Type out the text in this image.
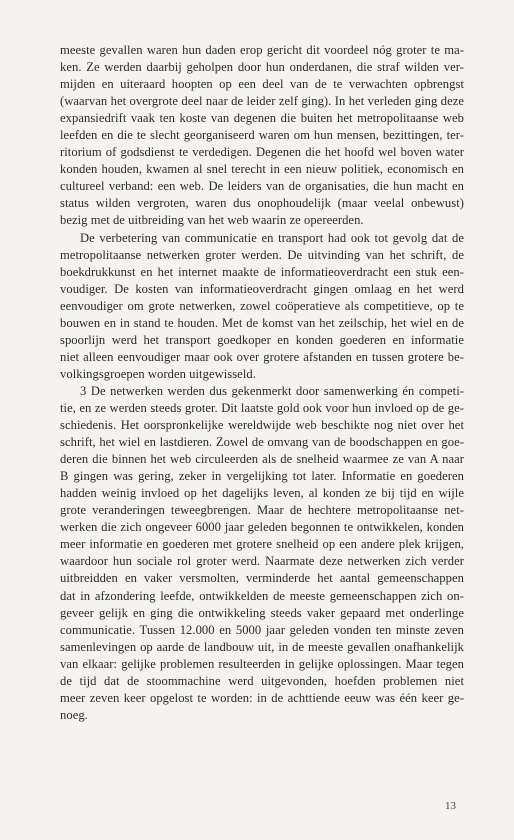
meeste gevallen waren hun daden erop gericht dit voordeel nóg groter te ma-
ken. Ze werden daarbij geholpen door hun onderdanen, die straf wilden ver-
mijden en uiteraard hoopten op een deel van de te verwachten opbrengst
(waarvan het overgrote deel naar de leider zelf ging). In het verleden ging deze
expansiedrift vaak ten koste van degenen die buiten het metropolitaanse web
leefden en die te slecht georganiseerd waren om hun mensen, bezittingen, ter-
ritorium of godsdienst te verdedigen. Degenen die het hoofd wel boven water
konden houden, kwamen al snel terecht in een nieuw politiek, economisch en
cultureel verband: een web. De leiders van de organisaties, die hun macht en
status wilden vergroten, waren dus onophoudelijk (maar veelal onbewust)
bezig met de uitbreiding van het web waarin ze opereerden.
De verbetering van communicatie en transport had ook tot gevolg dat de
metropolitaanse netwerken groter werden. De uitvinding van het schrift, de
boekdrukkunst en het internet maakte de informatieoverdracht een stuk een-
voudiger. De kosten van informatieoverdracht gingen omlaag en het werd
eenvoudiger om grote netwerken, zowel coöperatieve als competitieve, op te
bouwen en in stand te houden. Met de komst van het zeilschip, het wiel en de
spoorlijn werd het transport goedkoper en konden goederen en informatie
niet alleen eenvoudiger maar ook over grotere afstanden en tussen grotere be-
volkingsgroepen worden uitgewisseld.
3 De netwerken werden dus gekenmerkt door samenwerking én competi-
tie, en ze werden steeds groter. Dit laatste gold ook voor hun invloed op de ge-
schiedenis. Het oorspronkelijke wereldwijde web beschikte nog niet over het
schrift, het wiel en lastdieren. Zowel de omvang van de boodschappen en goe-
deren die binnen het web circuleerden als de snelheid waarmee ze van A naar
B gingen was gering, zeker in vergelijking tot later. Informatie en goederen
hadden weinig invloed op het dagelijks leven, al konden ze bij tijd en wijle
grote veranderingen teweegbrengen. Maar de hechtere metropolitaanse net-
werken die zich ongeveer 6000 jaar geleden begonnen te ontwikkelen, konden
meer informatie en goederen met grotere snelheid op een andere plek krijgen,
waardoor hun sociale rol groter werd. Naarmate deze netwerken zich verder
uitbreidden en vaker versmolten, verminderde het aantal gemeenschappen
dat in afzondering leefde, ontwikkelden de meeste gemeenschappen zich on-
geveer gelijk en ging die ontwikkeling steeds vaker gepaard met onderlinge
communicatie. Tussen 12.000 en 5000 jaar geleden vonden ten minste zeven
samenlevingen op aarde de landbouw uit, in de meeste gevallen onafhankelijk
van elkaar: gelijke problemen resulteerden in gelijke oplossingen. Maar tegen
de tijd dat de stoommachine werd uitgevonden, hoefden problemen niet
meer zeven keer opgelost te worden: in de achttiende eeuw was één keer ge-
noeg.
13
